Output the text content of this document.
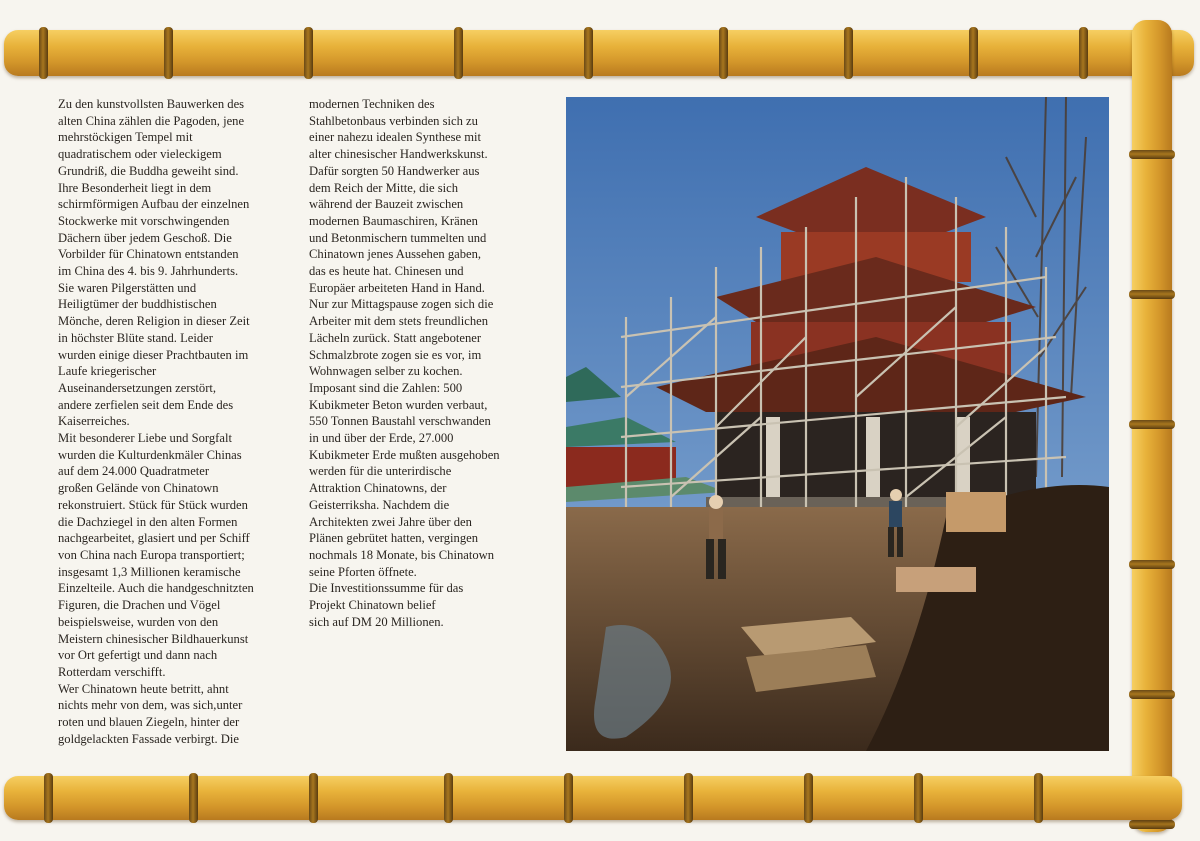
Zu den kunstvollsten Bauwerken des

alten China zählen die Pagoden, jene

mehrstöckigen Tempel mit

quadratischem oder vieleckigem

Grundriß, die Buddha geweiht sind.

Ihre Besonderheit liegt in dem

schirmförmigen Aufbau der einzelnen

Stockwerke mit vorschwingenden

Dächern über jedem Geschoß. Die

Vorbilder für Chinatown entstanden

im China des 4. bis 9. Jahrhunderts.

Sie waren Pilgerstätten und

Heiligtümer der buddhistischen

Mönche, deren Religion in dieser Zeit

in höchster Blüte stand. Leider

wurden einige dieser Prachtbauten im

Laufe kriegerischer

Auseinandersetzungen zerstört,

andere zerfielen seit dem Ende des

Kaiserreiches.

Mit besonderer Liebe und Sorgfalt

wurden die Kulturdenkmäler Chinas

auf dem 24.000 Quadratmeter

großen Gelände von Chinatown

rekonstruiert. Stück für Stück wurden

die Dachziegel in den alten Formen

nachgearbeitet, glasiert und per Schiff

von China nach Europa transportiert;

insgesamt 1,3 Millionen keramische

Einzelteile. Auch die handgeschnitzten

Figuren, die Drachen und Vögel

beispielsweise, wurden von den

Meistern chinesischer Bildhauerkunst

vor Ort gefertigt und dann nach

Rotterdam verschifft.

Wer Chinatown heute betritt, ahnt

nichts mehr von dem, was sich,unter

roten und blauen Ziegeln, hinter der

goldgelackten Fassade verbirgt. Die

modernen Techniken des

Stahlbetonbaus verbinden sich zu

einer nahezu idealen Synthese mit

alter chinesischer Handwerkskunst.

Dafür sorgten 50 Handwerker aus

dem Reich der Mitte, die sich

während der Bauzeit zwischen

modernen Baumaschiren, Kränen

und Betonmischern tummelten und

Chinatown jenes Aussehen gaben,

das es heute hat. Chinesen und

Europäer arbeiteten Hand in Hand.

Nur zur Mittagspause zogen sich die

Arbeiter mit dem stets freundlichen

Lächeln zurück. Statt angebotener

Schmalzbrote zogen sie es vor, im

Wohnwagen selber zu kochen.

Imposant sind die Zahlen: 500

Kubikmeter Beton wurden verbaut,

550 Tonnen Baustahl verschwanden

in und über der Erde, 27.000

Kubikmeter Erde mußten ausgehoben

werden für die unterirdische

Attraktion Chinatowns, der

Geisterriksha. Nachdem die

Architekten zwei Jahre über den

Plänen gebrütet hatten, vergingen

nochmals 18 Monate, bis Chinatown

seine Pforten öffnete.

Die Investitionssumme für das

Projekt Chinatown belief

sich auf DM 20 Millionen.
